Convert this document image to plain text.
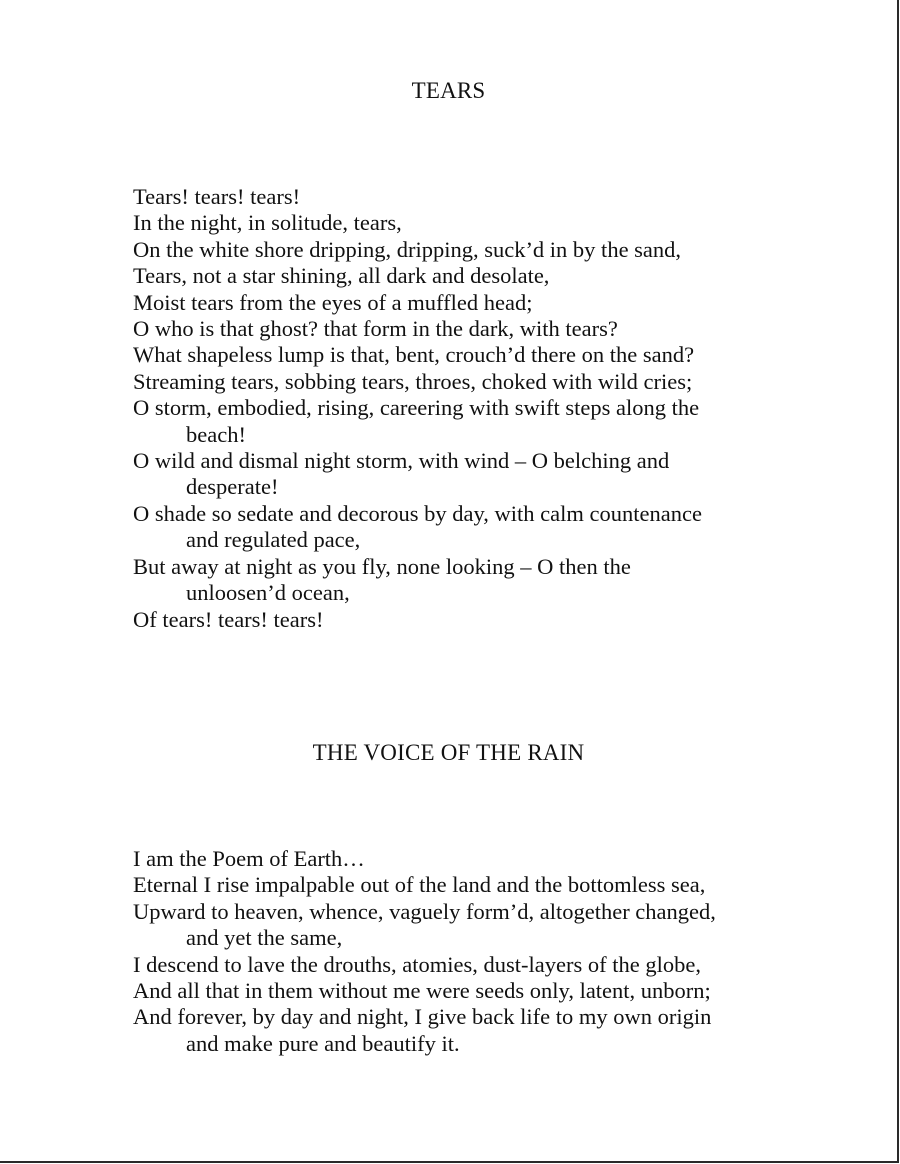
TEARS
Tears! tears! tears!
In the night, in solitude, tears,
On the white shore dripping, dripping, suck’d in by the sand,
Tears, not a star shining, all dark and desolate,
Moist tears from the eyes of a muffled head;
O who is that ghost? that form in the dark, with tears?
What shapeless lump is that, bent, crouch’d there on the sand?
Streaming tears, sobbing tears, throes, choked with wild cries;
O storm, embodied, rising, careering with swift steps along the
beach!
O wild and dismal night storm, with wind – O belching and
desperate!
O shade so sedate and decorous by day, with calm countenance
and regulated pace,
But away at night as you fly, none looking – O then the
unloosen’d ocean,
Of tears! tears! tears!
THE VOICE OF THE RAIN
I am the Poem of Earth…
Eternal I rise impalpable out of the land and the bottomless sea,
Upward to heaven, whence, vaguely form’d, altogether changed,
and yet the same,
I descend to lave the drouths, atomies, dust-layers of the globe,
And all that in them without me were seeds only, latent, unborn;
And forever, by day and night, I give back life to my own origin
and make pure and beautify it.
